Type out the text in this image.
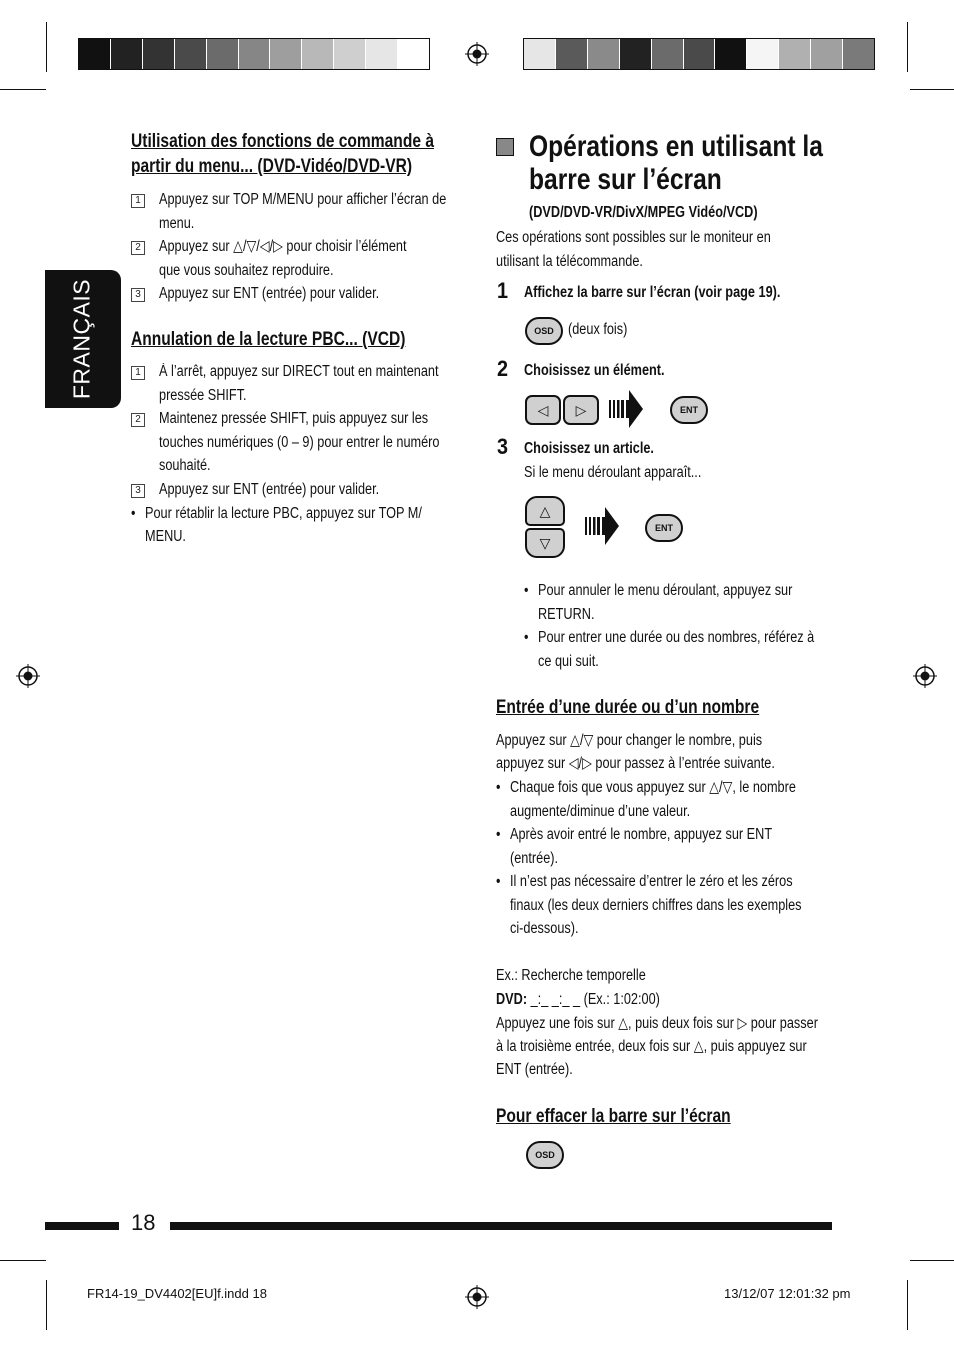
FRANÇAIS
Utilisation des fonctions de commande à
partir du menu... (DVD-Vidéo/DVD-VR)
1 Appuyez sur TOP M/MENU pour afficher l’écran de
menu.
2 Appuyez sur △/▽/◁/▷ pour choisir l’élément
que vous souhaitez reproduire.
3 Appuyez sur ENT (entrée) pour valider.
Annulation de la lecture PBC... (VCD)
1 À l’arrêt, appuyez sur DIRECT tout en maintenant
pressée SHIFT.
2 Maintenez pressée SHIFT, puis appuyez sur les
touches numériques (0 – 9) pour entrer le numéro
souhaité.
3 Appuyez sur ENT (entrée) pour valider.
• Pour rétablir la lecture PBC, appuyez sur TOP M/
MENU.
Opérations en utilisant la
barre sur l’écran
(DVD/DVD-VR/DivX/MPEG Vidéo/VCD)
Ces opérations sont possibles sur le moniteur en
utilisant la télécommande.
1 Affichez la barre sur l’écran (voir page 19).
OSD (deux fois)
2 Choisissez un élément.
◁	▷	ENT
3 Choisissez un article.
Si le menu déroulant apparaît...
△
▽
ENT
• Pour annuler le menu déroulant, appuyez sur
RETURN.
• Pour entrer une durée ou des nombres, référez à
ce qui suit.
Entrée d’une durée ou d’un nombre
Appuyez sur △/▽ pour changer le nombre, puis
appuyez sur ◁/▷ pour passez à l’entrée suivante.
• Chaque fois que vous appuyez sur △/▽, le nombre
augmente/diminue d’une valeur.
• Après avoir entré le nombre, appuyez sur ENT
(entrée).
• Il n’est pas nécessaire d’entrer le zéro et les zéros
finaux (les deux derniers chiffres dans les exemples
ci-dessous).
Ex.: Recherche temporelle
DVD: _:_ _:_ _ (Ex.: 1:02:00)
Appuyez une fois sur △, puis deux fois sur ▷ pour passer
à la troisième entrée, deux fois sur △, puis appuyez sur
ENT (entrée).
Pour effacer la barre sur l’écran
OSD
18
FR14-19_DV4402[EU]f.indd 18	13/12/07 12:01:32 pm
